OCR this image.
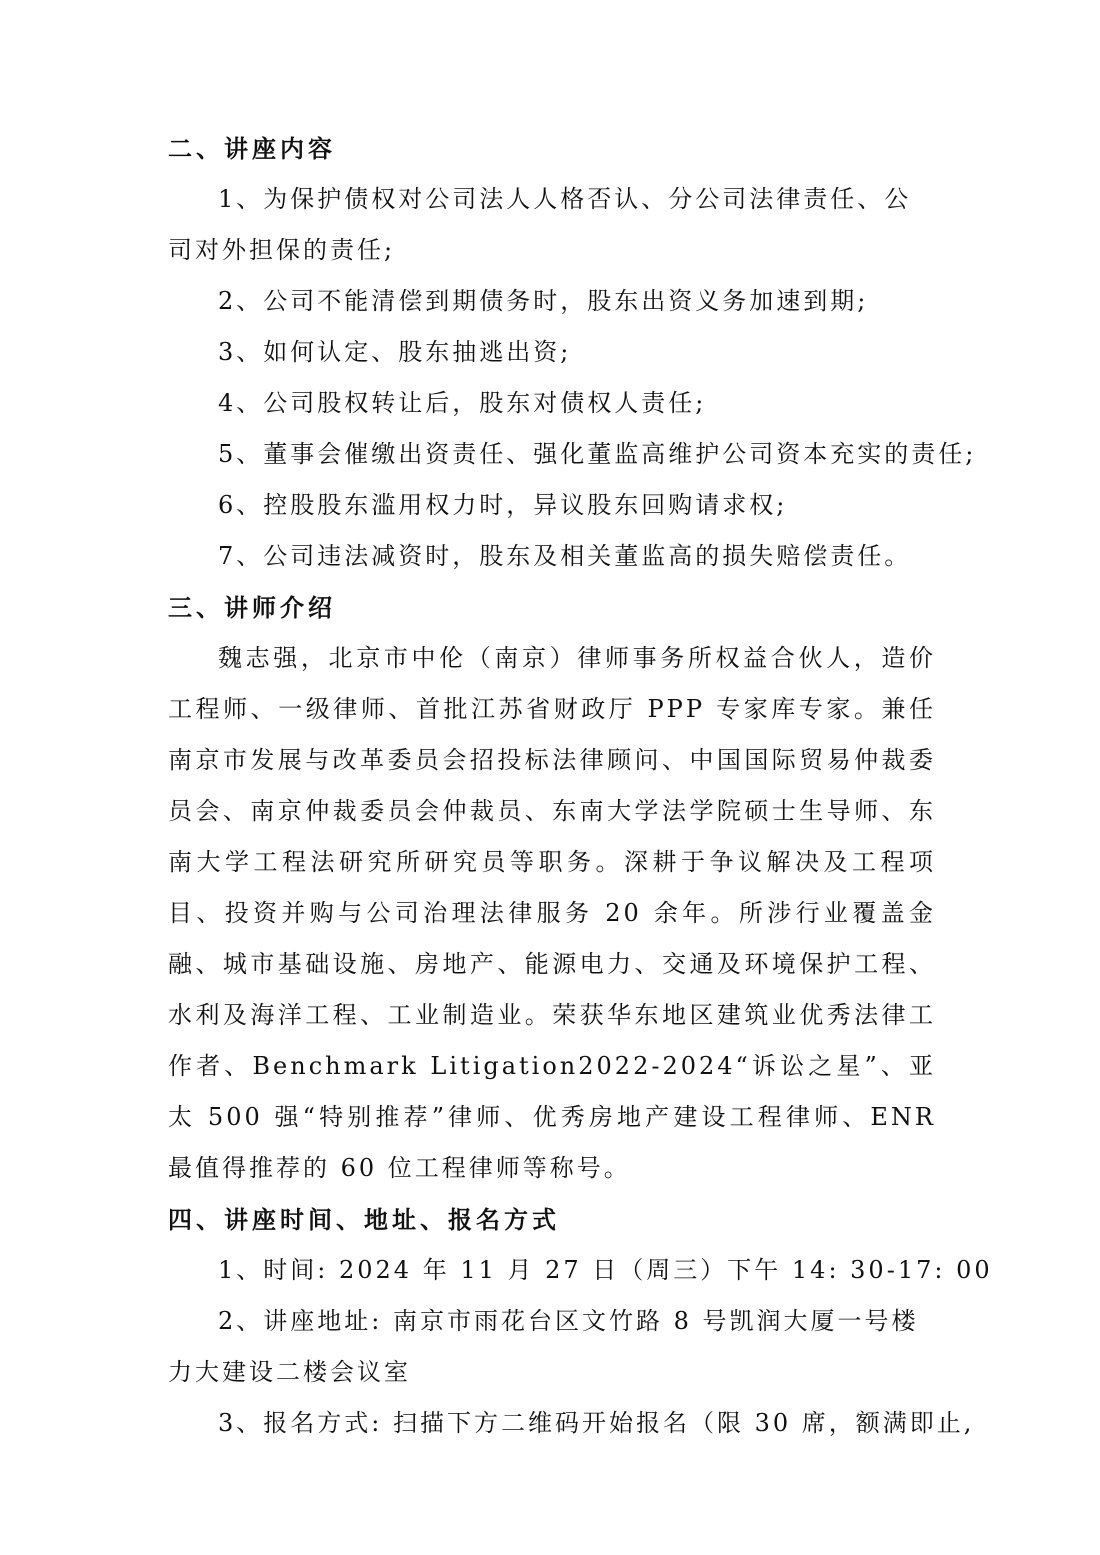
二、讲座内容
1、为保护债权对公司法人人格否认、分公司法律责任、公司对外担保的责任;
2、公司不能清偿到期债务时，股东出资义务加速到期;
3、如何认定、股东抽逃出资;
4、公司股权转让后，股东对债权人责任;
5、董事会催缴出资责任、强化董监高维护公司资本充实的责任;
6、控股股东滥用权力时，异议股东回购请求权;
7、公司违法减资时，股东及相关董监高的损失赔偿责任。
三、讲师介绍
魏志强，北京市中伦（南京）律师事务所权益合伙人，造价工程师、一级律师、首批江苏省财政厅 PPP 专家库专家。兼任南京市发展与改革委员会招投标法律顾问、中国国际贸易仲裁委员会、南京仲裁委员会仲裁员、东南大学法学院硕士生导师、东南大学工程法研究所研究员等职务。深耕于争议解决及工程项目、投资并购与公司治理法律服务 20 余年。所涉行业覆盖金融、城市基础设施、房地产、能源电力、交通及环境保护工程、水利及海洋工程、工业制造业。荣获华东地区建筑业优秀法律工作者、Benchmark Litigation2022-2024“诉讼之星”、亚太 500 强“特别推荐”律师、优秀房地产建设工程律师、ENR 最值得推荐的 60 位工程律师等称号。
四、讲座时间、地址、报名方式
1、时间: 2024 年 11 月 27 日（周三）下午 14: 30-17: 00
2、讲座地址: 南京市雨花台区文竹路 8 号凯润大厦一号楼力大建设二楼会议室
3、报名方式: 扫描下方二维码开始报名（限 30 席，额满即止,
